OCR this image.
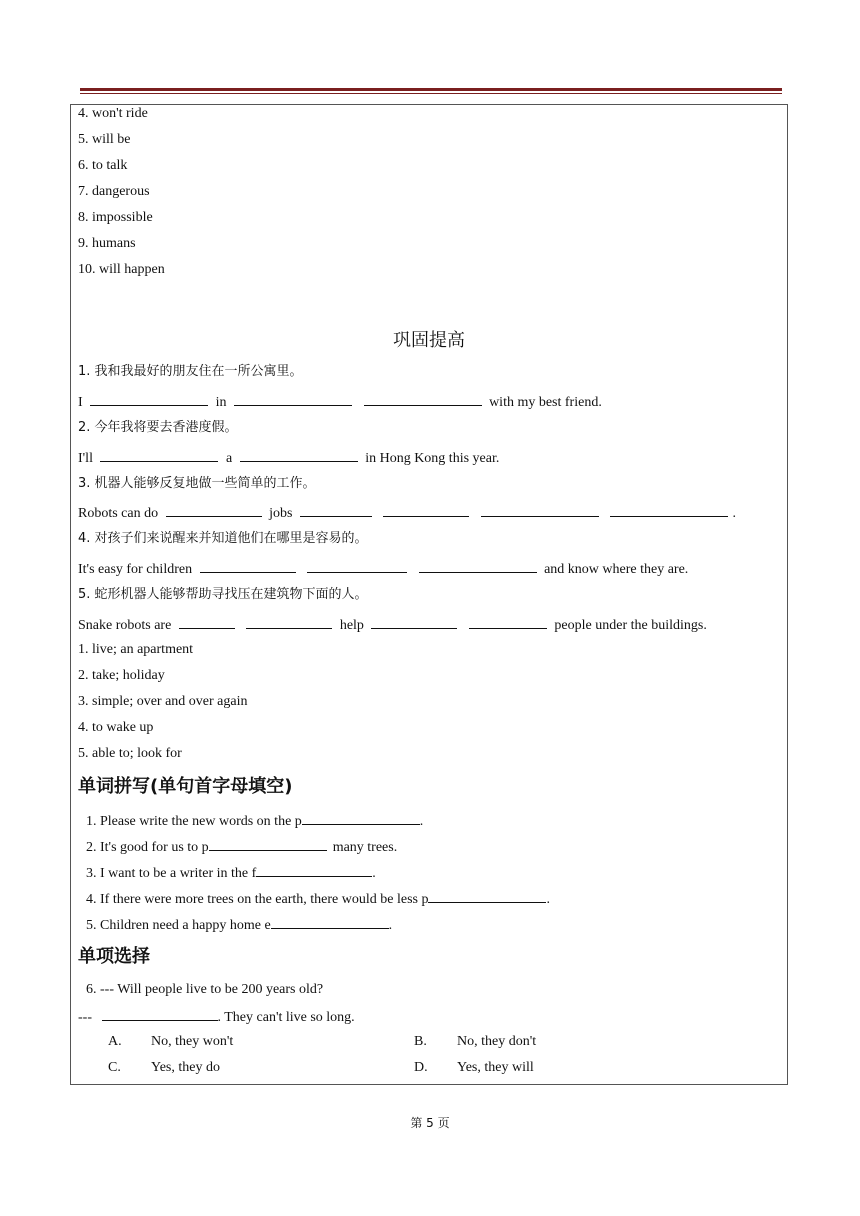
4. won't ride
5. will be
6. to talk
7. dangerous
8. impossible
9. humans
10. will happen
巩固提高
1. 我和我最好的朋友住在一所公寓里。
I	in	with my best friend.
2. 今年我将要去香港度假。
I'll	a	in Hong Kong this year.
3. 机器人能够反复地做一些简单的工作。
Robots can do	jobs	.
4. 对孩子们来说醒来并知道他们在哪里是容易的。
It's easy for children	and know where they are.
5. 蛇形机器人能够帮助寻找压在建筑物下面的人。
Snake robots are	help	people under the buildings.
1. live; an apartment
2. take; holiday
3. simple; over and over again
4. to wake up
5. able to; look for
单词拼写(单句首字母填空)
1. Please write the new words on the p	.
2. It's good for us to p	many trees.
3. I want to be a writer in the f	.
4. If there were more trees on the earth, there would be less p	.
5. Children need a happy home e	.
单项选择
6. --- Will people live to be 200 years old?
---	. They can't live so long.
A. No, they won't	B. No, they don't
C. Yes, they do	D. Yes, they will
第 5 页
